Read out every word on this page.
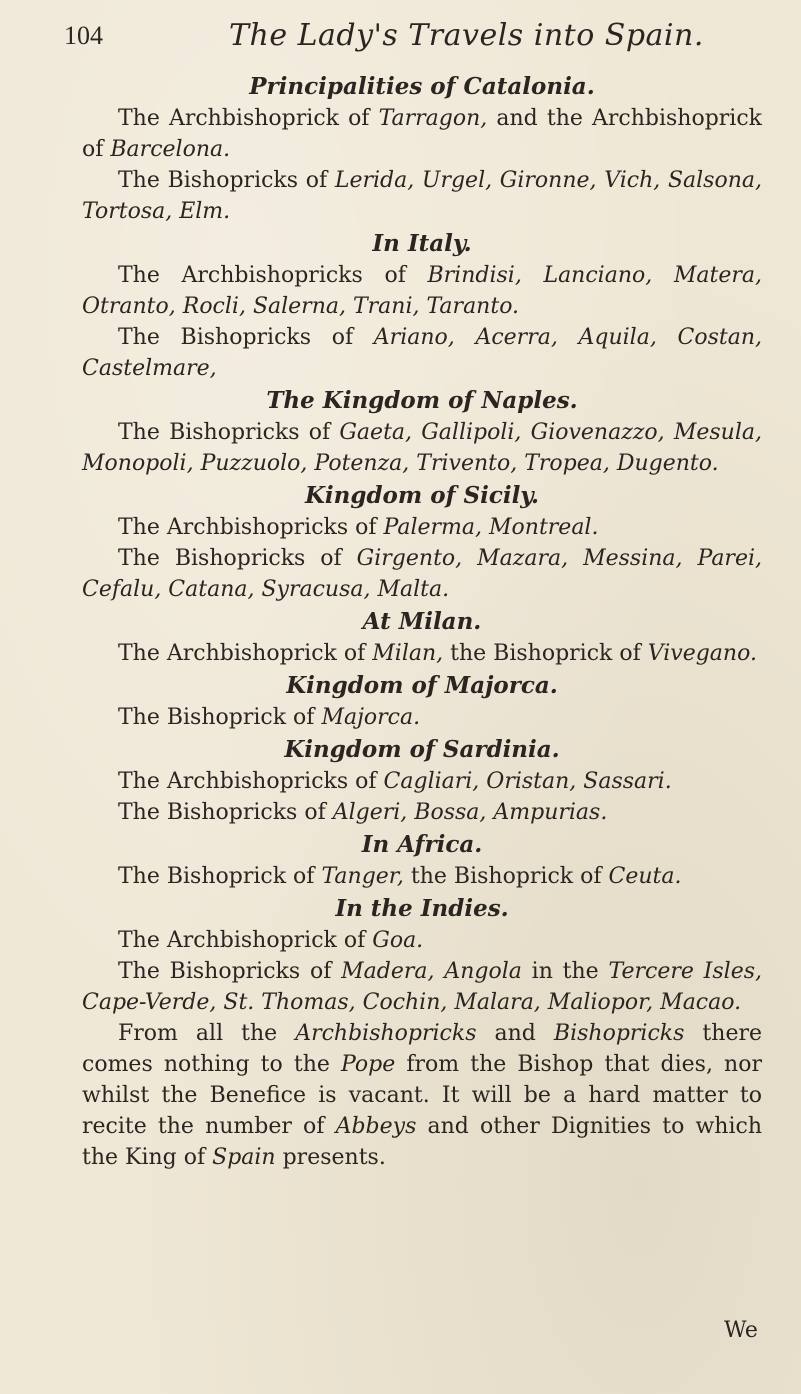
104	The Lady's Travels into Spain.
Principalities of Catalonia.

The Archbishoprick of Tarragon, and the Archbishoprick of Barcelona.

The Bishopricks of Lerida, Urgel, Gironne, Vich, Salsona, Tortosa, Elm.

In Italy.

The Archbishopricks of Brindisi, Lanciano, Matera, Otranto, Rocli, Salerna, Trani, Taranto.

The Bishopricks of Ariano, Acerra, Aquila, Costan, Castelmare,

The Kingdom of Naples.

The Bishopricks of Gaeta, Gallipoli, Giovenazzo, Mesula, Monopoli, Puzzuolo, Potenza, Trivento, Tropea, Dugento.

Kingdom of Sicily.

The Archbishopricks of Palerma, Montreal.

The Bishopricks of Girgento, Mazara, Messina, Parei, Cefalu, Catana, Syracusa, Malta.

At Milan.

The Archbishoprick of Milan, the Bishoprick of Vivegano.

Kingdom of Majorca.

The Bishoprick of Majorca.

Kingdom of Sardinia.

The Archbishopricks of Cagliari, Oristan, Sassari.

The Bishopricks of Algeri, Bossa, Ampurias.

In Africa.

The Bishoprick of Tanger, the Bishoprick of Ceuta.

In the Indies.

The Archbishoprick of Goa.

The Bishopricks of Madera, Angola in the Tercere Isles, Cape-Verde, St. Thomas, Cochin, Malara, Maliopor, Macao.

From all the Archbishopricks and Bishopricks there comes nothing to the Pope from the Bishop that dies, nor whilst the Benefice is vacant. It will be a hard matter to recite the number of Abbeys and other Dignities to which the King of Spain presents.

We
